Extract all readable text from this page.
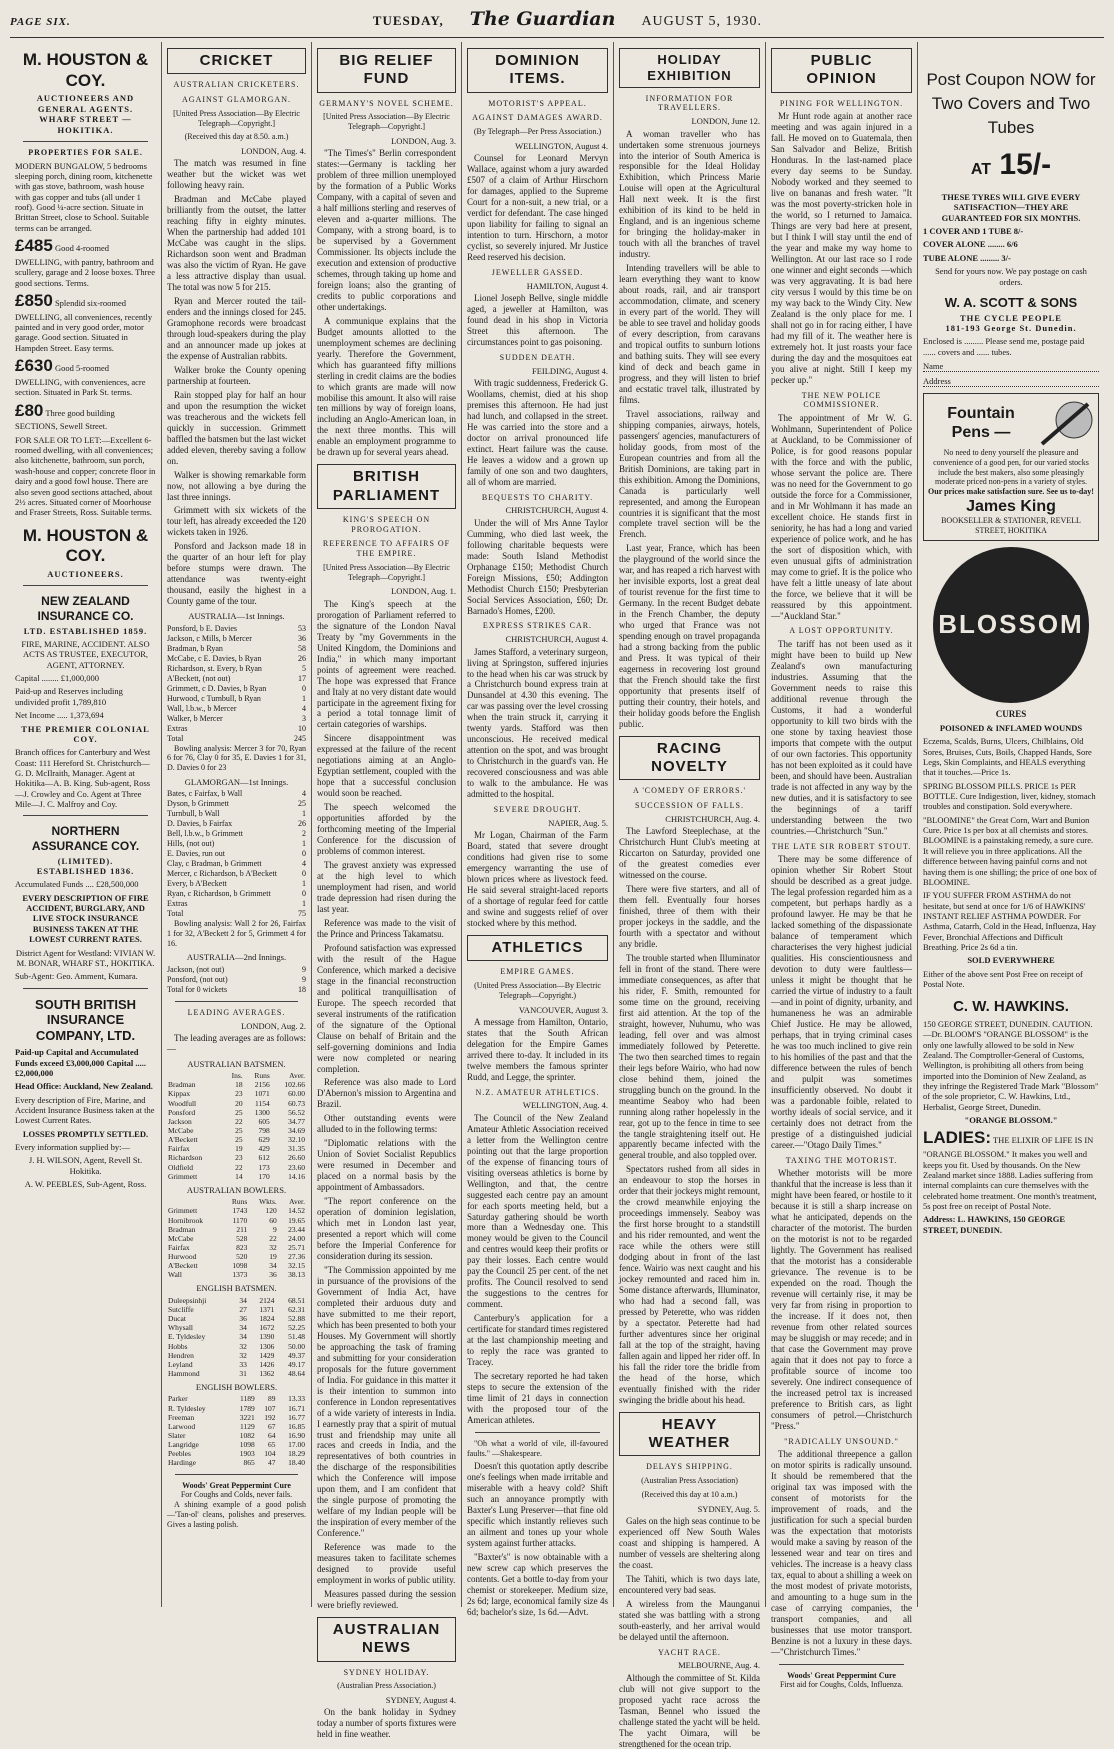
PAGE SIX.	TUESDAY, The Guardian AUGUST 5, 1930.
M. HOUSTON & COY.
AUCTIONEERS AND GENERAL AGENTS.
WHARF STREET — HOKITIKA.
PROPERTIES FOR SALE.
MODERN BUNGALOW, 5 bedrooms sleeping porch, dining room, kitchenette with gas stove, bathroom, wash house with gas copper and tubs (all under 1 roof). Good ¼-acre section. Situate in Brittan Street, close to School. Suitable terms can be arranged.
£485 Good 4-roomed DWELLING, with pantry, bathroom and scullery, garage and 2 loose boxes. Three good sections. Terms.
£850 Splendid six-roomed DWELLING, all conveniences, recently painted and in very good order, motor garage. Good section. Situated in Hampden Street. Easy terms.
£630 Good 5-roomed DWELLING, with conveniences, acre section. Situated in Park St. terms.
£80 Three good building SECTIONS, Sewell Street.
FOR SALE OR TO LET:—Excellent 6-roomed dwelling, with all conveniences; also kitchenette, bathroom, sun porch, wash-house and copper; concrete floor in dairy and a good fowl house. There are also seven good sections attached, about 2½ acres. Situated corner of Moorhouse and Fraser Streets, Ross. Suitable terms.
M. HOUSTON & COY.
AUCTIONEERS.
NEW ZEALAND INSURANCE CO.
LTD. ESTABLISHED 1859.
FIRE, MARINE, ACCIDENT. ALSO ACTS AS TRUSTEE, EXECUTOR, AGENT, ATTORNEY.
Capital ........ £1,000,000
Paid-up and Reserves including undivided profit 1,789,810
Net Income ..... 1,373,694
THE PREMIER COLONIAL COY.
Branch offices for Canterbury and West Coast: 111 Hereford St. Christchurch—G. D. McIlraith, Manager. Agent at Hokitika—A. B. King. Sub-agent, Ross—J. Crowley and Co. Agent at Three Mile—J. C. Malfroy and Coy.
NORTHERN ASSURANCE COY.
(LIMITED).
ESTABLISHED 1836.
Accumulated Funds .... £28,500,000
EVERY DESCRIPTION OF FIRE ACCIDENT, BURGLARY, AND LIVE STOCK INSURANCE BUSINESS TAKEN AT THE LOWEST CURRENT RATES.
District Agent for Westland: VIVIAN W. M. BONAR, WHARF ST., HOKITIKA.
Sub-Agent: Geo. Amment, Kumara.
SOUTH BRITISH INSURANCE COMPANY, LTD.
Paid-up Capital and Accumulated Funds exceed £3,000,000 Capital ..... £2,000,000
Head Office: Auckland, New Zealand.
Every description of Fire, Marine, and Accident Insurance Business taken at the Lowest Current Rates.
LOSSES PROMPTLY SETTLED.
Every information supplied by:—
J. H. WILSON, Agent, Revell St. Hokitika.
A. W. PEEBLES, Sub-Agent, Ross.
CRICKET
AUSTRALIAN CRICKETERS.
AGAINST GLAMORGAN.
[United Press Association—By Electric Telegraph—Copyright.]
(Received this day at 8.50. a.m.)
LONDON, Aug. 4.

The match was resumed in fine weather but the wicket was wet following heavy rain.

Bradman and McCabe played brilliantly from the outset, the latter reaching fifty in eighty minutes. When the partnership had added 101 McCabe was caught in the slips. Richardson soon went and Bradman was also the victim of Ryan. He gave a less attractive display than usual. The total was now 5 for 215.

Ryan and Mercer routed the tail-enders and the innings closed for 245. Gramophone records were broadcast through loud-speakers during the play and an announcer made up jokes at the expense of Australian rabbits.

Walker broke the County opening partnership at fourteen.

Rain stopped play for half an hour and upon the resumption the wicket was treacherous and the wickets fell quickly in succession. Grimmett baffled the batsmen but the last wicket added eleven, thereby saving a follow on.

Walker is showing remarkable form now, not allowing a bye during the last three innings.

Grimmett with six wickets of the tour left, has already exceeded the 120 wickets taken in 1926.

Ponsford and Jackson made 18 in the quarter of an hour left for play before stumps were drawn. The attendance was twenty-eight thousand, easily the highest in a County game of the tour.

AUSTRALIA—1st Innings.
Ponsford, b E. Davies	53
Jackson, c Mills, b Mercer	36
Bradman, b Ryan	58
McCabe, c E. Davies, b Ryan	26
Richardson, st. Every, b Ryan	5
A'Beckett, (not out)	17
Grimmett, c D. Davies, b Ryan	0
Hurwood, c Turnbull, b Ryan	1
Wall, l.b.w., b Mercer	4
Walker, b Mercer	3
Extras	10
Total	245

Bowling analysis: Mercer 3 for 70, Ryan 6 for 76, Clay 0 for 35, E. Davies 1 for 31, D. Davies 0 for 23

GLAMORGAN—1st Innings.
Bates, c Fairfax, b Wall	4
Dyson, b Grimmett	25
Turnbull, b Wall	1
D. Davies, b Fairfax	26
Bell, l.b.w., b Grimmett	2
Hills, (not out)	1
E. Davies, run out	0
Clay, c Bradman, b Grimmett	4
Mercer, c Richardson, b A'Beckett	0
Every, b A'Beckett	1
Ryan, c Richardson, b Grimmett	0
Extras	1
Total	75

Bowling analysis: Wall 2 for 26, Fairfax 1 for 32, A'Beckett 2 for 5, Grimmett 4 for 16.

AUSTRALIA—2nd Innings.
Jackson, (not out)	9
Ponsford, (not out)	9
Total for 0 wickets	18
LEADING AVERAGES.
LONDON, Aug. 2.

The leading averages are as follows:—

AUSTRALIAN BATSMEN.
	Ins.	Runs	Aver.
Bradman	18	2156	102.66
Kippax	23	1071	60.00
Woodfull	20	1154	60.73
Ponsford	25	1300	56.52
Jackson	22	605	34.77
McCabe	25	798	34.69
A'Beckett	25	629	32.10
Fairfax	19	429	31.35
Richardson	23	612	26.60
Oldfield	22	173	23.60
Grimmett	14	170	14.16
AUSTRALIAN BOWLERS.
	Runs	Wkts.	Aver.
Grimmett	1743	120	14.52
Hornibrook	1170	60	19.65
Bradman	211	9	23.44
McCabe	528	22	24.00
Fairfax	823	32	25.71
Hurwood	520	19	27.36
A'Beckett	1098	34	32.15
Wall	1373	36	38.13
ENGLISH BATSMEN.
Duleepsinhji	34	2124	68.51
Sutcliffe	27	1371	62.31
Ducat	36	1824	52.88
Whysall	34	1672	52.25
E. Tyldesley	34	1390	51.48
Hobbs	32	1306	50.00
Hendren	32	1429	49.37
Leyland	33	1426	49.17
Hammond	31	1362	48.64
ENGLISH BOWLERS.
Parker	1189	89	13.33
R. Tyldesley	1789	107	16.71
Freeman	3221	192	16.77
Larwood	1129	67	16.85
Slater	1082	64	16.90
Langridge	1098	65	17.00
Peebles	1903	104	18.29
Hardinge	865	47	18.40
Woods' Great Peppermint Cure
For Coughs and Colds, never fails.

A shining example of a good polish —'Tan-ol' cleans, polishes and preserves. Gives a lasting polish.

BIG RELIEF FUND
GERMANY'S NOVEL SCHEME.
[United Press Association—By Electric Telegraph—Copyright.]
LONDON, Aug. 3.

"The Times's" Berlin correspondent states:—Germany is tackling her problem of three million unemployed by the formation of a Public Works Company, with a capital of seven and a half millions sterling and reserves of eleven and a-quarter millions. The Company, with a strong board, is to be supervised by a Government Commissioner. Its objects include the execution and extension of productive schemes, through taking up home and foreign loans; also the granting of credits to public corporations and other undertakings.

A communique explains that the Budget amounts allotted to the unemployment schemes are declining yearly. Therefore the Government, which has guaranteed fifty millions sterling in credit claims are the bodies to which grants are made will now mobilise this amount. It also will raise ten millions by way of foreign loans, including an Anglo-American loan, in the next three months. This will enable an employment programme to be drawn up for several years ahead.

BRITISH PARLIAMENT
KING'S SPEECH ON PROROGATION.
REFERENCE TO AFFAIRS OF THE EMPIRE.
[United Press Association—By Electric Telegraph—Copyright.]
LONDON, Aug. 1.

The King's speech at the prorogation of Parliament referred to the signature of the London Naval Treaty by "my Governments in the United Kingdom, the Dominions and India," in which many important points of agreement were reached. The hope was expressed that France and Italy at no very distant date would participate in the agreement fixing for a period a total tonnage limit of certain categories of warships.

Sincere disappointment was expressed at the failure of the recent negotiations aiming at an Anglo-Egyptian settlement, coupled with the hope that a successful conclusion would soon be reached.

The speech welcomed the opportunities afforded by the forthcoming meeting of the Imperial Conference for the discussion of problems of common interest.

The gravest anxiety was expressed at the high level to which unemployment had risen, and world trade depression had risen during the last year.

Reference was made to the visit of the Prince and Princess Takamatsu.

Profound satisfaction was expressed with the result of the Hague Conference, which marked a decisive stage in the financial reconstruction and political tranquillisation of Europe. The speech recorded that several instruments of the ratification of the signature of the Optional Clause on behalf of Britain and the self-governing dominions and India were now completed or nearing completion.

Reference was also made to Lord D'Abernon's mission to Argentina and Brazil.

Other outstanding events were alluded to in the following terms:

"Diplomatic relations with the Union of Soviet Socialist Republics were resumed in December and placed on a normal basis by the appointment of Ambassadors.

"The report conference on the operation of dominion legislation, which met in London last year, presented a report which will come before the Imperial Conference for consideration during its session.

"The Commission appointed by me in pursuance of the provisions of the Government of India Act, have completed their arduous duty and have submitted to me their report, which has been presented to both your Houses. My Government will shortly be approaching the task of framing and submitting for your consideration proposals for the future government of India. For guidance in this matter it is their intention to summon into conference in London representatives of a wide variety of interests in India. I earnestly pray that a spirit of mutual trust and friendship may unite all races and creeds in India, and the representatives of both countries in the discharge of the responsibilities which the Conference will impose upon them, and I am confident that the single purpose of promoting the welfare of my Indian people will be the inspiration of every member of the Conference."

Reference was made to the measures taken to facilitate schemes designed to provide useful employment in works of public utility.

Measures passed during the session were briefly reviewed.

AUSTRALIAN NEWS
SYDNEY HOLIDAY.
(Australian Press Association.)
SYDNEY, August 4.

On the bank holiday in Sydney today a number of sports fixtures were held in fine weather.

DOMINION ITEMS.
MOTORIST'S APPEAL.
AGAINST DAMAGES AWARD.
(By Telegraph—Per Press Association.)
WELLINGTON, August 4.

Counsel for Leonard Mervyn Wallace, against whom a jury awarded £507 of a claim of Arthur Hirschorn for damages, applied to the Supreme Court for a non-suit, a new trial, or a verdict for defendant. The case hinged upon liability for failing to signal an intention to turn. Hirschorn, a motor cyclist, so severely injured. Mr Justice Reed reserved his decision.

JEWELLER GASSED.
HAMILTON, August 4.

Lionel Joseph Bellve, single middle aged, a jeweller at Hamilton, was found dead in his shop in Victoria Street this afternoon. The circumstances point to gas poisoning.

SUDDEN DEATH.
FEILDING, August 4.

With tragic suddenness, Frederick G. Woollams, chemist, died at his shop premises this afternoon. He had just had lunch, and collapsed in the street. He was carried into the store and a doctor on arrival pronounced life extinct. Heart failure was the cause. He leaves a widow and a grown up family of one son and two daughters, all of whom are married.

BEQUESTS TO CHARITY.
CHRISTCHURCH, August 4.

Under the will of Mrs Anne Taylor Cumming, who died last week, the following charitable bequests were made: South Island Methodist Orphanage £150; Methodist Church Foreign Missions, £50; Addington Methodist Church £150; Presbyterian Social Services Association, £60; Dr. Barnado's Homes, £200.

EXPRESS STRIKES CAR.
CHRISTCHURCH, August 4.

James Stafford, a veterinary surgeon, living at Springston, suffered injuries to the head when his car was struck by a Christchurch bound express train at Dunsandel at 4.30 this evening. The car was passing over the level crossing when the train struck it, carrying it twenty yards. Stafford was then unconscious. He received medical attention on the spot, and was brought to Christchurch in the guard's van. He recovered consciousness and was able to walk to the ambulance. He was admitted to the hospital.

SEVERE DROUGHT.
NAPIER, Aug. 5.

Mr Logan, Chairman of the Farm Board, stated that severe drought conditions had given rise to some emergency warranting the use of blown prices where as livestock feed. He said several straight-laced reports of a shortage of regular feed for cattle and swine and suggests relief of over stocked where by this method.

ATHLETICS
EMPIRE GAMES.
(United Press Association—By Electric Telegraph—Copyright.)
VANCOUVER, August 3.

A message from Hamilton, Ontario, states that the South African delegation for the Empire Games arrived there to-day. It included in its twelve members the famous sprinter Rudd, and Legge, the sprinter.

N.Z. AMATEUR ATHLETICS.
WELLINGTON, Aug. 4.

The Council of the New Zealand Amateur Athletic Association received a letter from the Wellington centre pointing out that the large proportion of the expense of financing tours of visiting overseas athletics is borne by Wellington, and that, the centre suggested each centre pay an amount for each sports meeting held, but a Saturday gathering should be worth more than a Wednesday one. This money would be given to the Council and centres would keep their profits or pay their losses. Each centre would pay the Council 25 per cent. of the net profits. The Council resolved to send the suggestions to the centres for comment.

Canterbury's application for a certificate for standard times registered at the last championship meeting and to reply the race was granted to Tracey.

The secretary reported he had taken steps to secure the extension of the time limit of 21 days in connection with the proposed tour of the American athletes.

"Oh what a world of vile, ill-favoured faults." —Shakespeare.

Doesn't this quotation aptly describe one's feelings when made irritable and miserable with a heavy cold? Shift such an annoyance promptly with Baxter's Lung Preserver—that fine old specific which instantly relieves such an ailment and tones up your whole system against further attacks.

"Baxter's" is now obtainable with a new screw cap which preserves the contents. Get a bottle to-day from your chemist or storekeeper. Medium size, 2s 6d; large, economical family size 4s 6d; bachelor's size, 1s 6d.—Advt.

HOLIDAY EXHIBITION
INFORMATION FOR TRAVELLERS.
LONDON, June 12.

A woman traveller who has undertaken some strenuous journeys into the interior of South America is responsible for the Ideal Holiday Exhibition, which Princess Marie Louise will open at the Agricultural Hall next week. It is the first exhibition of its kind to be held in England, and is an ingenious scheme for bringing the holiday-maker in touch with all the branches of travel industry.

Intending travellers will be able to learn everything they want to know about roads, rail, and air transport accommodation, climate, and scenery in every part of the world. They will be able to see travel and holiday goods of every description, from caravans and tropical outfits to sunburn lotions and bathing suits. They will see every kind of deck and beach game in progress, and they will listen to brief and ecstatic travel talk, illustrated by films.

Travel associations, railway and shipping companies, airways, hotels, passengers' agencies, manufacturers of holiday goods, from most of the European countries and from all the British Dominions, are taking part in this exhibition. Among the Dominions, Canada is particularly well represented, and among the European countries it is significant that the most complete travel section will be the French.

Last year, France, which has been the playground of the world since the war, and has reaped a rich harvest with her invisible exports, lost a great deal of tourist revenue for the first time to Germany. In the recent Budget debate in the French Chamber, the deputy who urged that France was not spending enough on travel propaganda had a strong backing from the public and Press. It was typical of their eagerness in recovering lost ground that the French should take the first opportunity that presents itself of putting their country, their hotels, and their holiday goods before the English public.

RACING NOVELTY
A 'COMEDY OF ERRORS.'
SUCCESSION OF FALLS.
CHRISTCHURCH, Aug. 4.

The Lawford Steeplechase, at the Christchurch Hunt Club's meeting at Riccarton on Saturday, provided one of the greatest comedies ever witnessed on the course.

There were five starters, and all of them fell. Eventually four horses finished, three of them with their proper jockeys in the saddle, and the fourth with a spectator and without any bridle.

The trouble started when Illuminator fell in front of the stand. There were immediate consequences, as after that his rider, F. Smith, remounted for some time on the ground, receiving first aid attention. At the top of the straight, however, Nuhumu, who was leading, fell over and was almost immediately followed by Peterette. The two then searched times to regain their legs before Wairio, who had now close behind them, joined the struggling bunch on the ground. In the meantime Seaboy who had been running along rather hopelessly in the rear, got up to the fence in time to see the tangle straightening itself out. He apparently became infected with the general trouble, and also toppled over.

Spectators rushed from all sides in an endeavour to stop the horses in order that their jockeys might remount, the crowd meanwhile enjoying the proceedings immensely. Seaboy was the first horse brought to a standstill and his rider remounted, and went the race while the others were still dodging about in front of the last fence. Wairio was next caught and his jockey remounted and raced him in. Some distance afterwards, Illuminator, who had had a second fall, was pressed by Peterette, who was ridden by a spectator. Peterette had had further adventures since her original fall at the top of the straight, having fallen again and lipped her rider off. In his fall the rider tore the bridle from the head of the horse, which eventually finished with the rider swinging the bridle about his head.

HEAVY WEATHER
DELAYS SHIPPING.
(Australian Press Association)
(Received this day at 10 a.m.)
SYDNEY, Aug. 5.

Gales on the high seas continue to be experienced off New South Wales coast and shipping is hampered. A number of vessels are sheltering along the coast.

The Tahiti, which is two days late, encountered very bad seas.

A wireless from the Maunganui stated she was battling with a strong south-easterly, and her arrival would be delayed until the afternoon.

YACHT RACE.
MELBOURNE, Aug. 4.

Although the committee of St. Kilda club will not give support to the proposed yacht race across the Tasman, Bennel who issued the challenge stated the yacht will be held. The yacht Oimara, will be strengthened for the ocean trip.

PUBLIC OPINION
PINING FOR WELLINGTON.

Mr Hunt rode again at another race meeting and was again injured in a fall. He moved on to Guatemala, then San Salvador and Belize, British Honduras. In the last-named place every day seems to be Sunday. Nobody worked and they seemed to live on bananas and fresh water. "It was the most poverty-stricken hole in the world, so I returned to Jamaica. Things are very bad here at present, but I think I will stay until the end of the year and make my way home to Wellington. At our last race so I rode one winner and eight seconds —which was very aggravating. It is bad here city versus I would by this time be on my way back to the Windy City. New Zealand is the only place for me. I shall not go in for racing either, I have had my fill of it. The weather here is extremely hot. It just roasts your face during the day and the mosquitoes eat you alive at night. Still I keep my pecker up."

THE NEW POLICE COMMISSIONER.

The appointment of Mr W. G. Wohlmann, Superintendent of Police at Auckland, to be Commissioner of Police, is for good reasons popular with the force and with the public, whose servant the police are. There was no need for the Government to go outside the force for a Commissioner, and in Mr Wohlmann it has made an excellent choice. He stands first in seniority, he has had a long and varied experience of police work, and he has the sort of disposition which, with even unusual gifts of administration may come to grief. It is the police who have felt a little uneasy of late about the force, we believe that it will be reassured by this appointment.—"Auckland Star."

A LOST OPPORTUNITY.

The tariff has not been used as it might have been to build up New Zealand's own manufacturing industries. Assuming that the Government needs to raise this additional revenue through the Customs, it had a wonderful opportunity to kill two birds with the one stone by taxing heaviest those imports that compete with the output of our own factories. This opportunity has not been exploited as it could have been, and should have been. Australian trade is not affected in any way by the new duties, and it is satisfactory to see the beginnings of a tariff understanding between the two countries.—Christchurch "Sun."

THE LATE SIR ROBERT STOUT.

There may be some difference of opinion whether Sir Robert Stout should be described as a great judge. The legal profession regarded him as a competent, but perhaps hardly as a profound lawyer. He may be that he lacked something of the dispassionate balance of temperament which characterises the very highest judicial qualities. His conscientiousness and devotion to duty were faultless—unless it might be thought that he carried the virtue of industry to a fault—and in point of dignity, urbanity, and humaneness he was an admirable Chief Justice. He may be allowed, perhaps, that in trying criminal cases he was too much inclined to give rein to his homilies of the past and that the difference between the rules of bench and pulpit was sometimes insufficiently observed. No doubt it was a pardonable foible, related to worthy ideals of social service, and it certainly does not detract from the prestige of a distinguished judicial career.—"Otago Daily Times."

TAXING THE MOTORIST.

Whether motorists will be more thankful that the increase is less than it might have been feared, or hostile to it because it is still a sharp increase on what he anticipated, depends on the character of the motorist. The burden on the motorist is not to be regarded lightly. The Government has realised that the motorist has a considerable grievance. The revenue is to be expended on the road. Though the revenue will certainly rise, it may be very far from rising in proportion to the increase. If it does not, then revenue from other related sources may be sluggish or may recede; and in that case the Government may prove again that it does not pay to force a profitable source of income too severely. One indirect consequence of the increased petrol tax is increased preference to British cars, as light consumers of petrol.—Christchurch "Press."

"RADICALLY UNSOUND."

The additional threepence a gallon on motor spirits is radically unsound. It should be remembered that the original tax was imposed with the consent of motorists for the improvement of roads, and the justification for such a special burden was the expectation that motorists would make a saving by reason of the lessened wear and tear on tires and vehicles. The increase is a heavy class tax, equal to about a shilling a week on the most modest of private motorists, and amounting to a huge sum in the case of carrying companies, the transport companies, and all businesses that use motor transport. Benzine is not a luxury in these days.—"Christchurch Times."

Woods' Great Peppermint Cure
First aid for Coughs, Colds, Influenza.
Post Coupon NOW for Two Covers and Two Tubes
AT 15/-
THESE TYRES WILL GIVE EVERY SATISFACTION—THEY ARE GUARANTEED FOR SIX MONTHS.
1 COVER AND 1 TUBE 8/-
COVER ALONE ........ 6/6
TUBE ALONE ......... 3/-
Send for yours now. We pay postage on cash orders.
W. A. SCOTT & SONS
THE CYCLE PEOPLE
181-193 George St. Dunedin.
Enclosed is ......... Please send me, postage paid ...... covers and ...... tubes.
Name
Address
Fountain Pens —
No need to deny yourself the pleasure and convenience of a good pen, for our varied stocks include the best makers, also some pleasingly moderate priced non-pens in a variety of styles.
Our prices make satisfaction sure. See us to-day!
James King
BOOKSELLER & STATIONER, REVELL STREET, HOKITIKA
BLOSSOM
CURES
POISONED & INFLAMED WOUNDS
Eczema, Scalds, Burns, Ulcers, Chilblains, Old Sores, Bruises, Cuts, Boils, Chapped Hands, Sore Legs, Skin Complaints, and HEALS everything that it touches.—Price 1s.
SPRING BLOSSOM PILLS. PRICE 1s PER BOTTLE. Cure Indigestion, liver, kidney, stomach troubles and constipation. Sold everywhere.
"BLOOMINE" the Great Corn, Wart and Bunion Cure. Price 1s per box at all chemists and stores. BLOOMINE is a painstaking remedy, a sure cure. It will relieve you in three applications. All the difference between having painful corns and not having them is one shilling; the price of one box of BLOOMINE.
IF YOU SUFFER FROM ASTHMA do not hesitate, but send at once for 1/6 of HAWKINS' INSTANT RELIEF ASTHMA POWDER. For Asthma, Catarrh, Cold in the Head, Influenza, Hay Fever, Bronchial Affections and Difficult Breathing. Price 2s 6d a tin.
SOLD EVERYWHERE
Either of the above sent Post Free on receipt of Postal Note.
C. W. HAWKINS.
150 GEORGE STREET, DUNEDIN. CAUTION.—Dr. BLOOM'S "ORANGE BLOSSOM" is the only one lawfully allowed to be sold in New Zealand. The Comptroller-General of Customs, Wellington, is prohibiting all others from being imported into the Dominion of New Zealand, as they infringe the Registered Trade Mark "Blossom" of the sole proprietor, C. W. Hawkins, Ltd., Herbalist, George Street, Dunedin.
"ORANGE BLOSSOM."
LADIES: THE ELIXIR OF LIFE IS IN "ORANGE BLOSSOM." It makes you well and keeps you fit. Used by thousands. On the New Zealand market since 1888. Ladies suffering from internal complaints can cure themselves with the celebrated home treatment. One month's treatment, 5s post free on receipt of Postal Note.
Address: L. HAWKINS, 150 GEORGE STREET, DUNEDIN.
